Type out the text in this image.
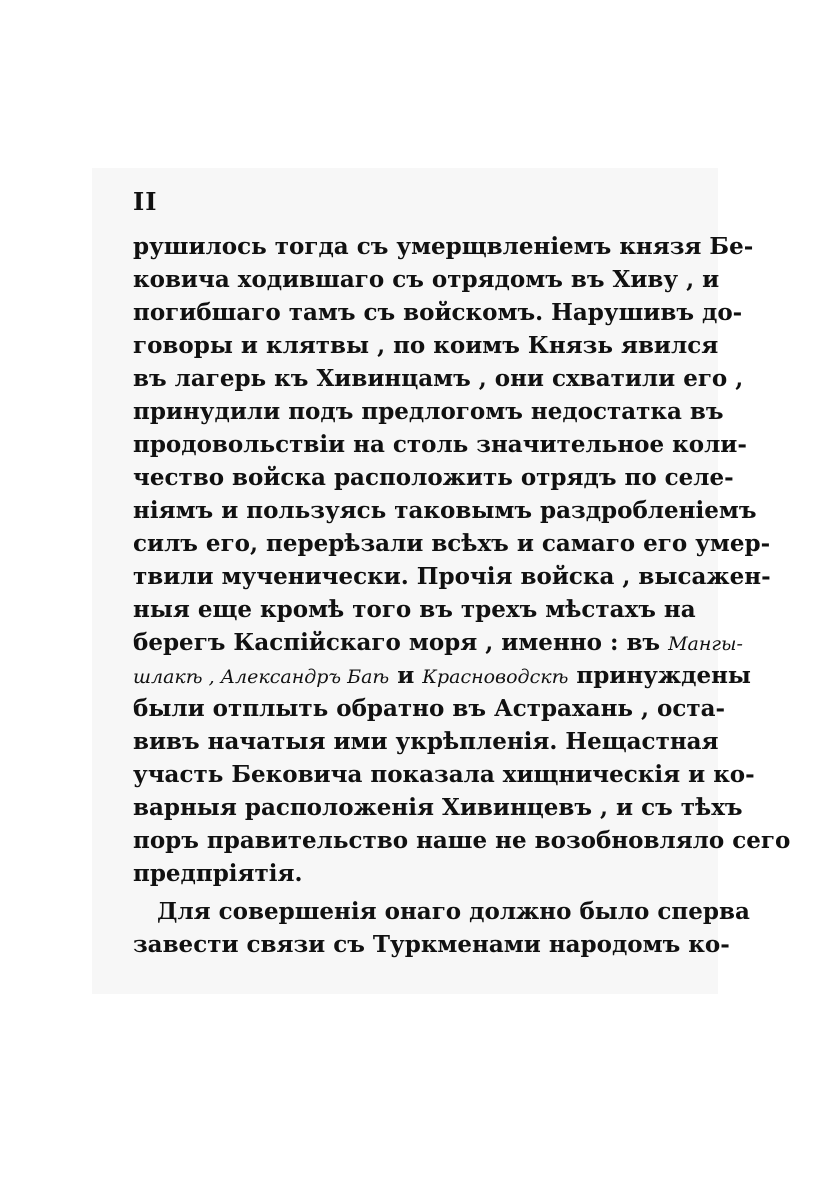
II

рушилось тогда съ умерщвленіемъ князя Бе-

ковича ходившаго съ отрядомъ въ Хиву , и

погибшаго тамъ съ войскомъ. Нарушивъ до-

говоры и клятвы , по коимъ Князь явился

въ лагерь къ Хивинцамъ , они схватили его ,

принудили подъ предлогомъ недостатка въ

продовольствіи на столь значительное коли-

чество войска расположить отрядъ по селе-

ніямъ и пользуясь таковымъ раздробленіемъ

силъ его, перерѣзали всѣхъ и самаго его умер-

твили мученически. Прочія войска , высажен-

ныя еще кромѣ того въ трехъ мѣстахъ на

берегъ Каспійскаго моря , именно : въ Мангы-

шлакѣ , Александръ Баѣ и Красноводскѣ принуждены

были отплыть обратно въ Астрахань , оста-

вивъ начатыя ими укрѣпленія. Нещастная

участь Бековича показала хищническія и ко-

варныя расположенія Хивинцевъ , и съ тѣхъ

поръ правительство наше не возобновляло сего

предпріятія.

Для совершенія онаго должно было сперва

завести связи съ Туркменами народомъ ко-
